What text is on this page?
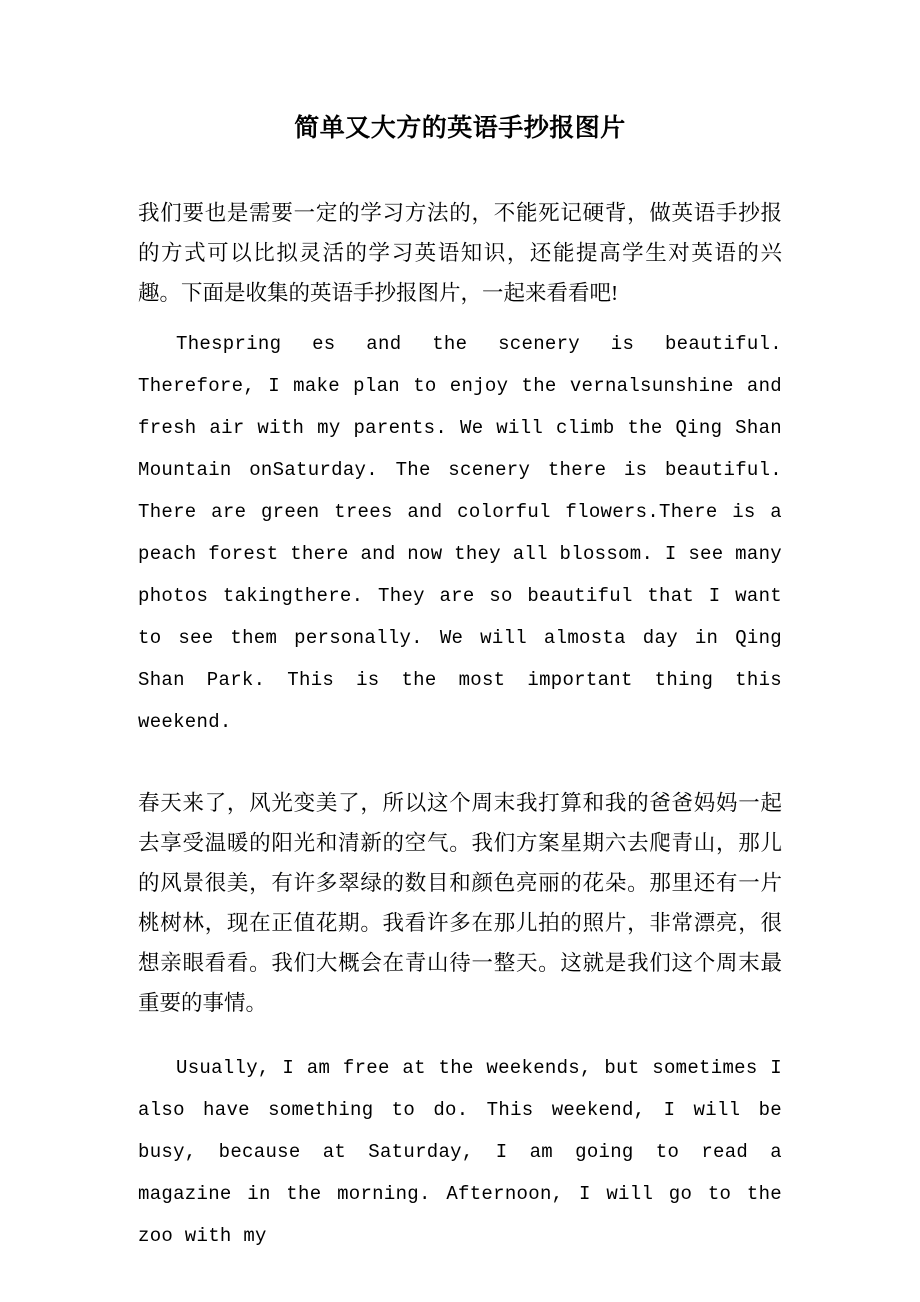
简单又大方的英语手抄报图片

我们要也是需要一定的学习方法的，不能死记硬背，做英语手抄报的方式可以比拟灵活的学习英语知识，还能提高学生对英语的兴趣。下面是收集的英语手抄报图片，一起来看看吧!

Thespring es and the scenery is beautiful. Therefore, I make plan to enjoy the vernalsunshine and fresh air with my parents. We will climb the Qing Shan Mountain onSaturday. The scenery there is beautiful. There are green trees and colorful flowers.There is a peach forest there and now they all blossom. I see many photos takingthere. They are so beautiful that I want to see them personally. We will almosta day in Qing Shan Park. This is the most important thing this weekend.

春天来了，风光变美了，所以这个周末我打算和我的爸爸妈妈一起去享受温暖的阳光和清新的空气。我们方案星期六去爬青山，那儿的风景很美，有许多翠绿的数目和颜色亮丽的花朵。那里还有一片桃树林，现在正值花期。我看许多在那儿拍的照片，非常漂亮，很想亲眼看看。我们大概会在青山待一整天。这就是我们这个周末最重要的事情。

Usually, I am free at the weekends, but sometimes I also have something to do. This weekend, I will be busy, because at Saturday, I am going to read a magazine in the morning. Afternoon, I will go to the zoo with my
